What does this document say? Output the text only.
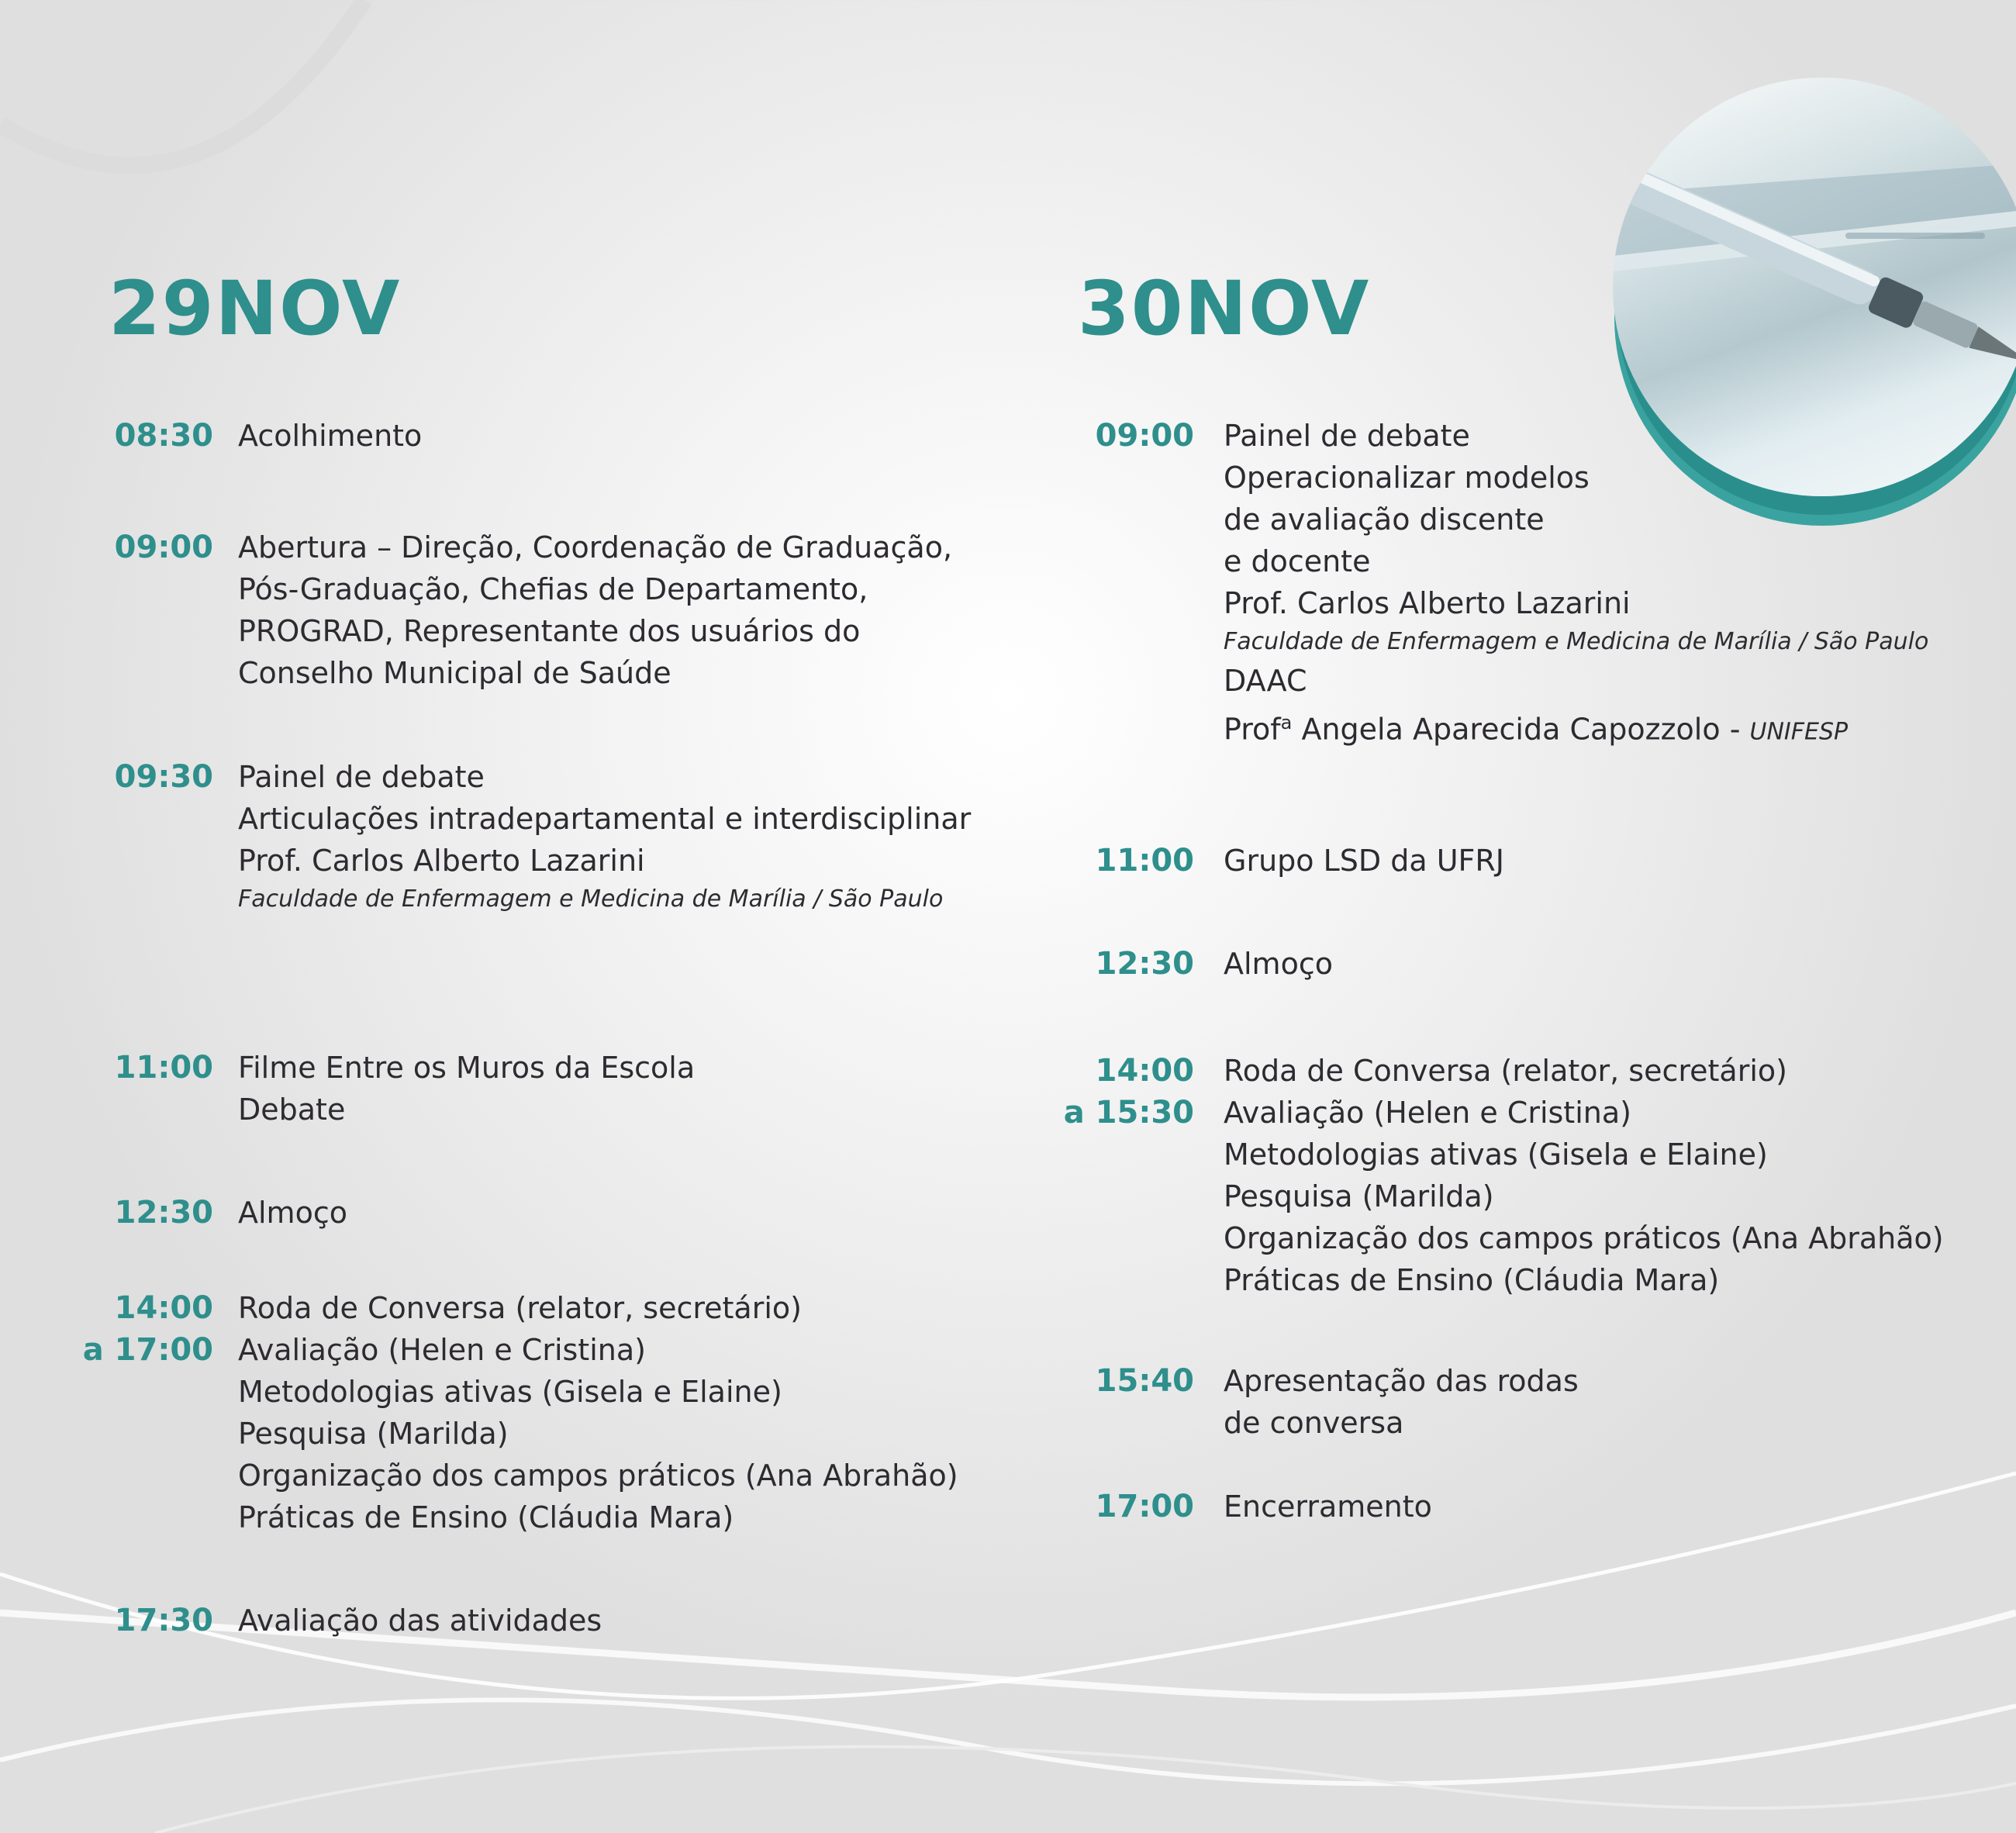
29NOV
08:30 Acolhimento
09:00 Abertura – Direção, Coordenação de Graduação,
Pós-Graduação, Chefias de Departamento,
PROGRAD, Representante dos usuários do
Conselho Municipal de Saúde
09:30 Painel de debate
Articulações intradepartamental e interdisciplinar
Prof. Carlos Alberto Lazarini
Faculdade de Enfermagem e Medicina de Marília / São Paulo
11:00 Filme Entre os Muros da Escola
Debate
12:30 Almoço
14:00
a 17:00
Roda de Conversa (relator, secretário)
Avaliação (Helen e Cristina)
Metodologias ativas (Gisela e Elaine)
Pesquisa (Marilda)
Organização dos campos práticos (Ana Abrahão)
Práticas de Ensino (Cláudia Mara)
17:30 Avaliação das atividades
30NOV
09:00 Painel de debate
Operacionalizar modelos
de avaliação discente
e docente
Prof. Carlos Alberto Lazarini
Faculdade de Enfermagem e Medicina de Marília / São Paulo
DAAC
Prof$^a$ Angela Aparecida Capozzolo - UNIFESP
11:00 Grupo LSD da UFRJ
12:30 Almoço
14:00
a 15:30
Roda de Conversa (relator, secretário)
Avaliação (Helen e Cristina)
Metodologias ativas (Gisela e Elaine)
Pesquisa (Marilda)
Organização dos campos práticos (Ana Abrahão)
Práticas de Ensino (Cláudia Mara)
15:40 Apresentação das rodas
de conversa
17:00 Encerramento
